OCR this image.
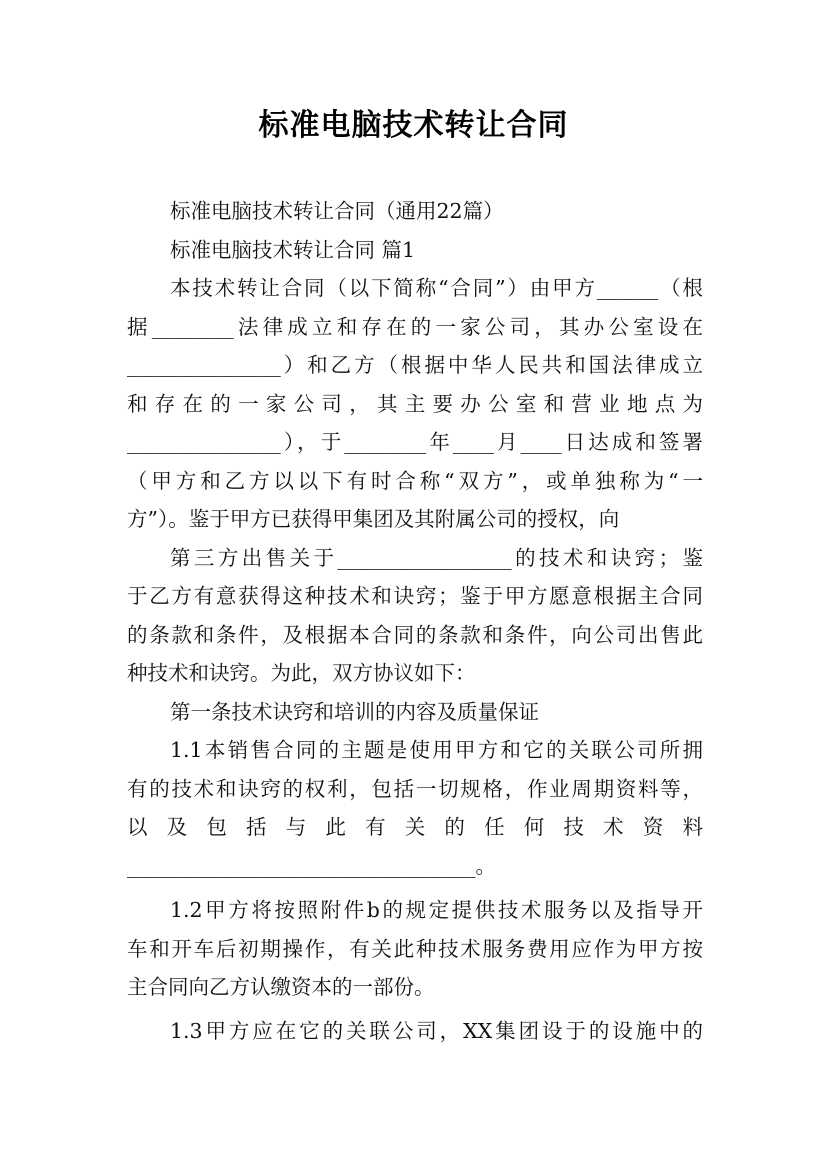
标准电脑技术转让合同
标准电脑技术转让合同（通用22篇）
标准电脑技术转让合同 篇1
本技术转让合同（以下简称“合同”）由甲方______（根
据________法律成立和存在的一家公司，其办公室设在
_______________）和乙方（根据中华人民共和国法律成立
和存在的一家公司，其主要办公室和营业地点为
_______________），于________年____月____日达成和签署
（甲方和乙方以以下有时合称“双方”，或单独称为“一
方”）。鉴于甲方已获得甲集团及其附属公司的授权，向
第三方出售关于_________________的技术和诀窍；鉴
于乙方有意获得这种技术和诀窍；鉴于甲方愿意根据主合同
的条款和条件，及根据本合同的条款和条件，向公司出售此
种技术和诀窍。为此，双方协议如下：
第一条技术诀窍和培训的内容及质量保证
1.1本销售合同的主题是使用甲方和它的关联公司所拥
有的技术和诀窍的权利，包括一切规格，作业周期资料等，
以及包括与此有关的任何技术资料
__________________________________。
1.2甲方将按照附件b的规定提供技术服务以及指导开
车和开车后初期操作，有关此种技术服务费用应作为甲方按
主合同向乙方认缴资本的一部份。
1.3甲方应在它的关联公司，XX集团设于的设施中的
